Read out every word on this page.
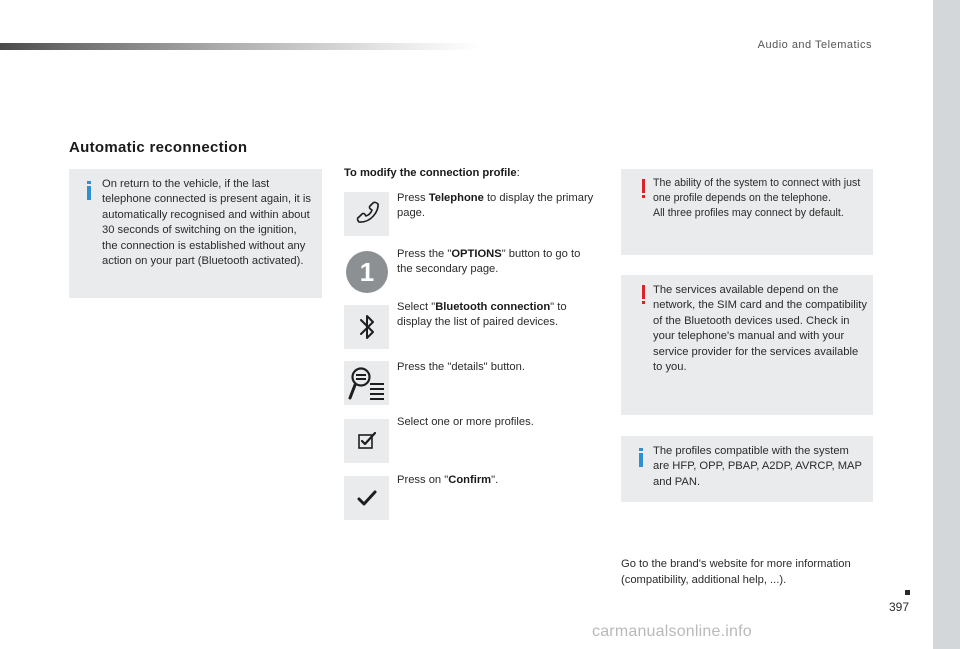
Audio and Telematics
Automatic reconnection
On return to the vehicle, if the last telephone connected is present again, it is automatically recognised and within about 30 seconds of switching on the ignition, the connection is established without any action on your part (Bluetooth activated).
To modify the connection profile:
Press Telephone to display the primary page.
1
Press the "OPTIONS" button to go to the secondary page.
Select "Bluetooth connection" to display the list of paired devices.
Press the "details" button.
Select one or more profiles.
Press on "Confirm".
The ability of the system to connect with just one profile depends on the telephone.
All three profiles may connect by default.
The services available depend on the network, the SIM card and the compatibility of the Bluetooth devices used. Check in your telephone's manual and with your service provider for the services available to you.
The profiles compatible with the system are HFP, OPP, PBAP, A2DP, AVRCP, MAP and PAN.
Go to the brand's website for more information (compatibility, additional help, ...).
397
carmanualsonline.info
